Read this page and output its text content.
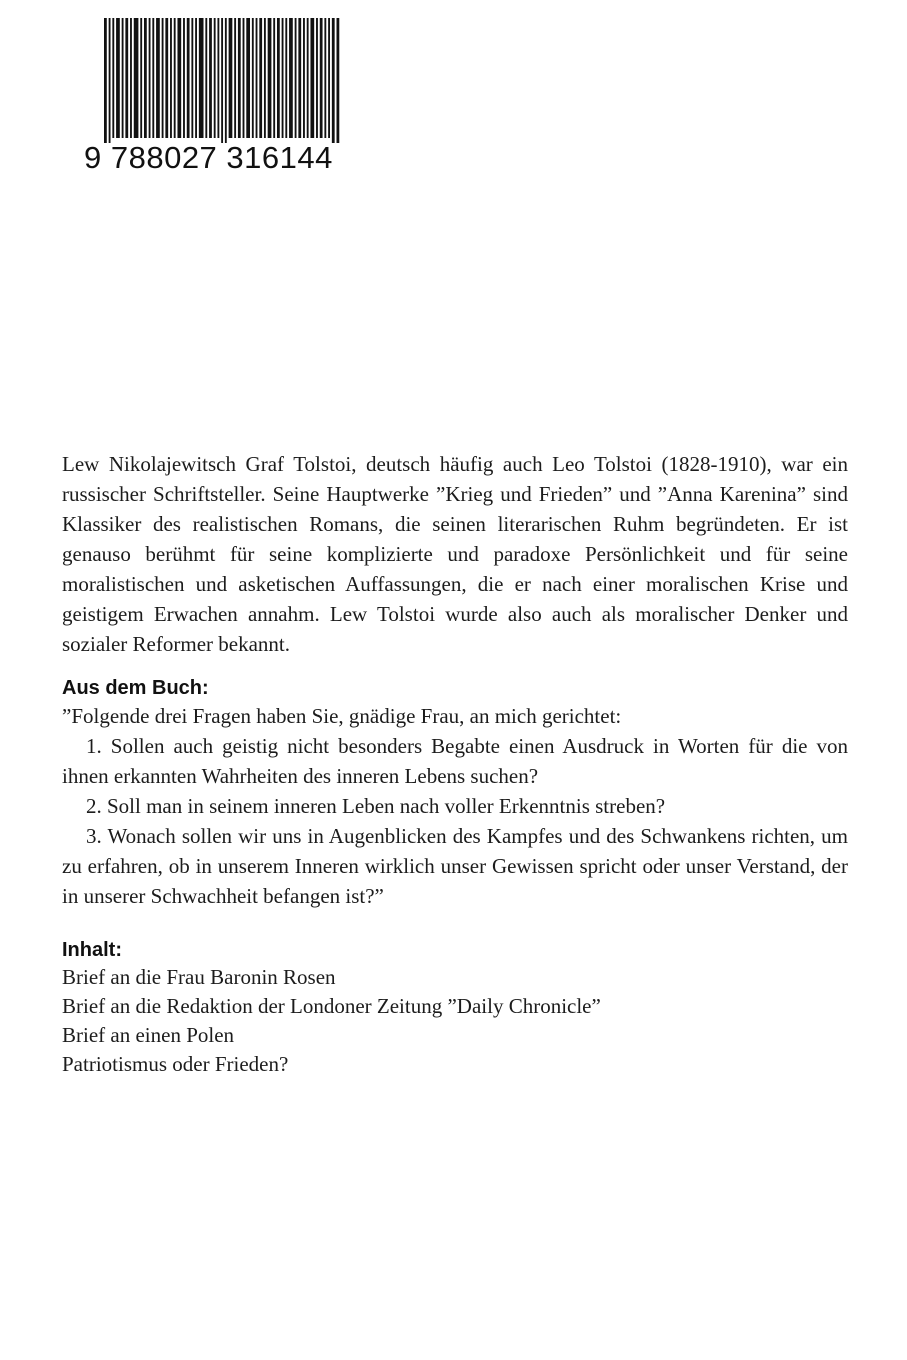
9 788027 316144

Lew Nikolajewitsch Graf Tolstoi, deutsch häufig auch Leo Tolstoi (1828-1910), war ein russischer Schriftsteller. Seine Hauptwerke ”Krieg und Frieden” und ”Anna Karenina” sind Klassiker des realistischen Romans, die seinen literarischen Ruhm begründeten. Er ist genauso berühmt für seine komplizierte und paradoxe Persönlichkeit und für seine moralistischen und asketischen Auffassungen, die er nach einer moralischen Krise und geistigem Erwachen annahm. Lew Tolstoi wurde also auch als moralischer Denker und sozialer Reformer bekannt.

Aus dem Buch:

”Folgende drei Fragen haben Sie, gnädige Frau, an mich gerichtet:

1. Sollen auch geistig nicht besonders Begabte einen Ausdruck in Worten für die von ihnen erkannten Wahrheiten des inneren Lebens suchen?

2. Soll man in seinem inneren Leben nach voller Erkenntnis streben?

3. Wonach sollen wir uns in Augenblicken des Kampfes und des Schwankens richten, um zu erfahren, ob in unserem Inneren wirklich unser Gewissen spricht oder unser Verstand, der in unserer Schwachheit befangen ist?”

Inhalt:
Brief an die Frau Baronin Rosen
Brief an die Redaktion der Londoner Zeitung ”Daily Chronicle”
Brief an einen Polen
Patriotismus oder Frieden?
